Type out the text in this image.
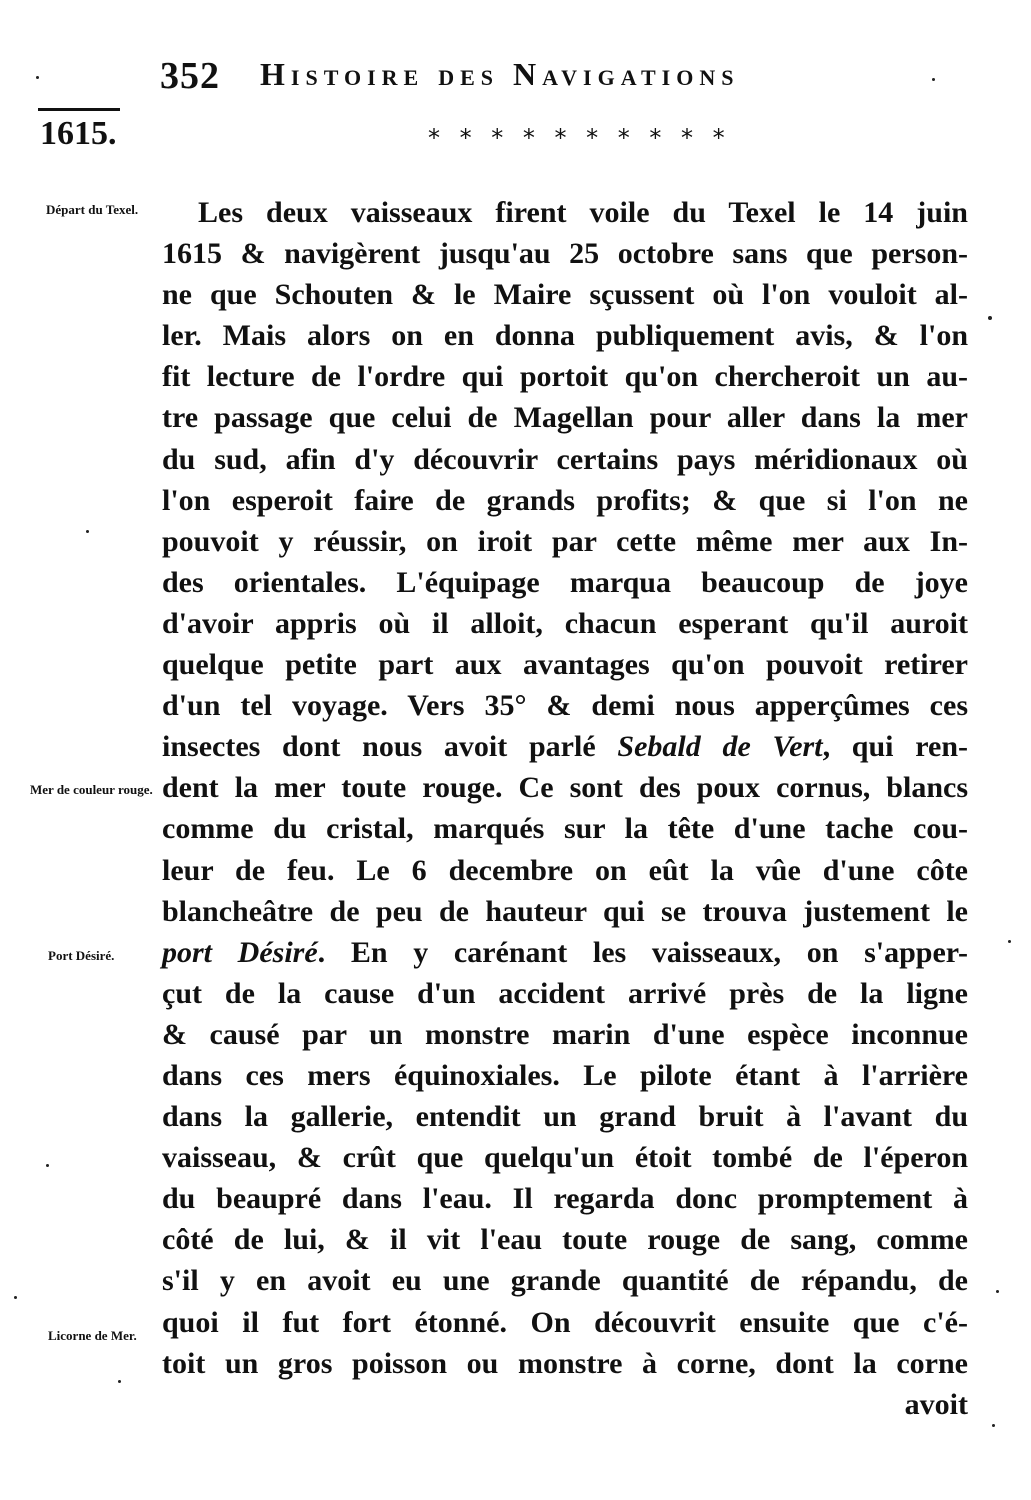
352 Histoire des Navigations
1615.	* * * * * * * * * *
Départ du Texel.
Mer de couleur rouge.
Port Désiré.
Licorne de Mer.
Les deux vaisseaux firent voile du Texel le 14 juin
1615 & navigèrent jusqu'au 25 octobre sans que person-
ne que Schouten & le Maire sçussent où l'on vouloit al-
ler. Mais alors on en donna publiquement avis, & l'on
fit lecture de l'ordre qui portoit qu'on chercheroit un au-
tre passage que celui de Magellan pour aller dans la mer
du sud, afin d'y découvrir certains pays méridionaux où
l'on esperoit faire de grands profits; & que si l'on ne
pouvoit y réussir, on iroit par cette même mer aux In-
des orientales. L'équipage marqua beaucoup de joye
d'avoir appris où il alloit, chacun esperant qu'il auroit
quelque petite part aux avantages qu'on pouvoit retirer
d'un tel voyage. Vers 35° & demi nous apperçûmes ces
insectes dont nous avoit parlé Sebald de Vert, qui ren-
dent la mer toute rouge. Ce sont des poux cornus, blancs
comme du cristal, marqués sur la tête d'une tache cou-
leur de feu. Le 6 decembre on eût la vûe d'une côte
blancheâtre de peu de hauteur qui se trouva justement le
port Désiré. En y carénant les vaisseaux, on s'apper-
çut de la cause d'un accident arrivé près de la ligne
& causé par un monstre marin d'une espèce inconnue
dans ces mers équinoxiales. Le pilote étant à l'arrière
dans la gallerie, entendit un grand bruit à l'avant du
vaisseau, & crût que quelqu'un étoit tombé de l'éperon
du beaupré dans l'eau. Il regarda donc promptement à
côté de lui, & il vit l'eau toute rouge de sang, comme
s'il y en avoit eu une grande quantité de répandu, de
quoi il fut fort étonné. On découvrit ensuite que c'é-
toit un gros poisson ou monstre à corne, dont la corne
avoit
